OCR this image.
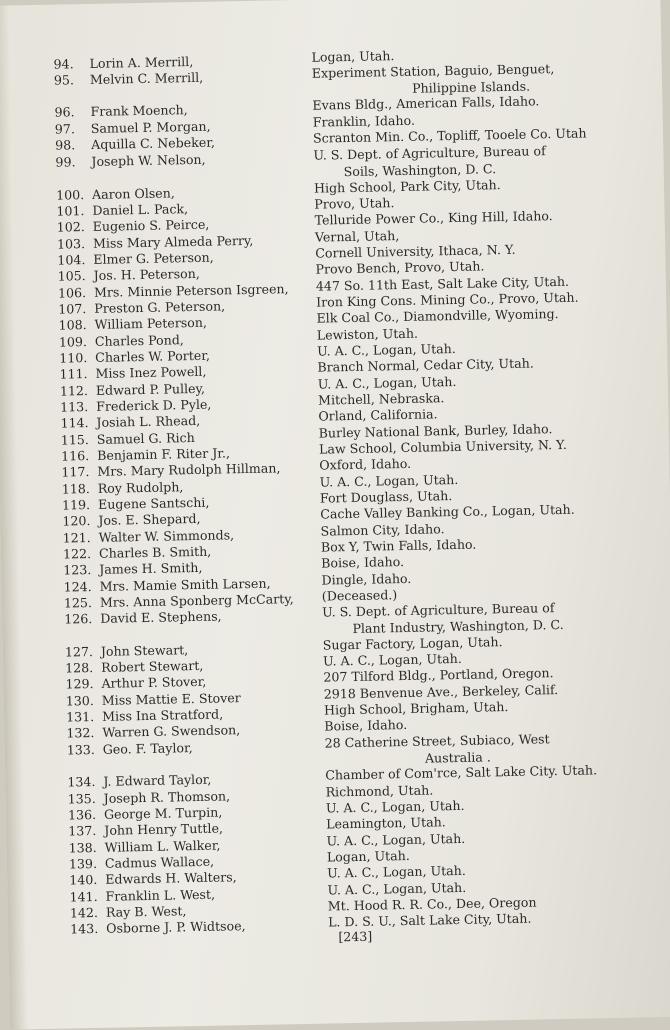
94.	Lorin A. Merrill,	Logan, Utah.
95.	Melvin C. Merrill,	Experiment Station, Baguio, Benguet,
Philippine Islands.
96.	Frank Moench,	Evans Bldg., American Falls, Idaho.
97.	Samuel P. Morgan,	Franklin, Idaho.
98.	Aquilla C. Nebeker,	Scranton Min. Co., Topliff, Tooele Co. Utah
99.	Joseph W. Nelson,	U. S. Dept. of Agriculture, Bureau of
Soils, Washington, D. C.
100. Aaron Olsen,	High School, Park City, Utah.
101. Daniel L. Pack,	Provo, Utah.
102. Eugenio S. Peirce,	Telluride Power Co., King Hill, Idaho.
103. Miss Mary Almeda Perry,	Vernal, Utah,
104. Elmer G. Peterson,	Cornell University, Ithaca, N. Y.
105. Jos. H. Peterson,	Provo Bench, Provo, Utah.
106. Mrs. Minnie Peterson Isgreen, 447 So. 11th East, Salt Lake City, Utah.
107. Preston G. Peterson,	Iron King Cons. Mining Co., Provo, Utah.
108. William Peterson,	Elk Coal Co., Diamondville, Wyoming.
109. Charles Pond,	Lewiston, Utah.
110. Charles W. Porter,	U. A. C., Logan, Utah.
111. Miss Inez Powell,	Branch Normal, Cedar City, Utah.
112. Edward P. Pulley,	U. A. C., Logan, Utah.
113. Frederick D. Pyle,	Mitchell, Nebraska.
114. Josiah L. Rhead,	Orland, California.
115. Samuel G. Rich	Burley National Bank, Burley, Idaho.
116. Benjamin F. Riter Jr.,	Law School, Columbia University, N. Y.
117. Mrs. Mary Rudolph Hillman,	Oxford, Idaho.
118. Roy Rudolph,	U. A. C., Logan, Utah.
119. Eugene Santschi,	Fort Douglass, Utah.
120. Jos. E. Shepard,	Cache Valley Banking Co., Logan, Utah.
121. Walter W. Simmonds,	Salmon City, Idaho.
122. Charles B. Smith,	Box Y, Twin Falls, Idaho.
123. James H. Smith,	Boise, Idaho.
124. Mrs. Mamie Smith Larsen,	Dingle, Idaho.
125. Mrs. Anna Sponberg McCarty, (Deceased.)
126. David E. Stephens,	U. S. Dept. of Agriculture, Bureau of
Plant Industry, Washington, D. C.
127. John Stewart,	Sugar Factory, Logan, Utah.
128. Robert Stewart,	U. A. C., Logan, Utah.
129. Arthur P. Stover,	207 Tilford Bldg., Portland, Oregon.
130. Miss Mattie E. Stover	2918 Benvenue Ave., Berkeley, Calif.
131. Miss Ina Stratford,	High School, Brigham, Utah.
132. Warren G. Swendson,	Boise, Idaho.
133. Geo. F. Taylor,	28 Catherine Street, Subiaco, West
Australia .
134. J. Edward Taylor,	Chamber of Com'rce, Salt Lake City. Utah.
135. Joseph R. Thomson,	Richmond, Utah.
136. George M. Turpin,	U. A. C., Logan, Utah.
137. John Henry Tuttle,	Leamington, Utah.
138. William L. Walker,	U. A. C., Logan, Utah.
139. Cadmus Wallace,	Logan, Utah.
140. Edwards H. Walters,	U. A. C., Logan, Utah.
141. Franklin L. West,	U. A. C., Logan, Utah.
142. Ray B. West,	Mt. Hood R. R. Co., Dee, Oregon
143. Osborne J. P. Widtsoe,	L. D. S. U., Salt Lake City, Utah.
[243]
